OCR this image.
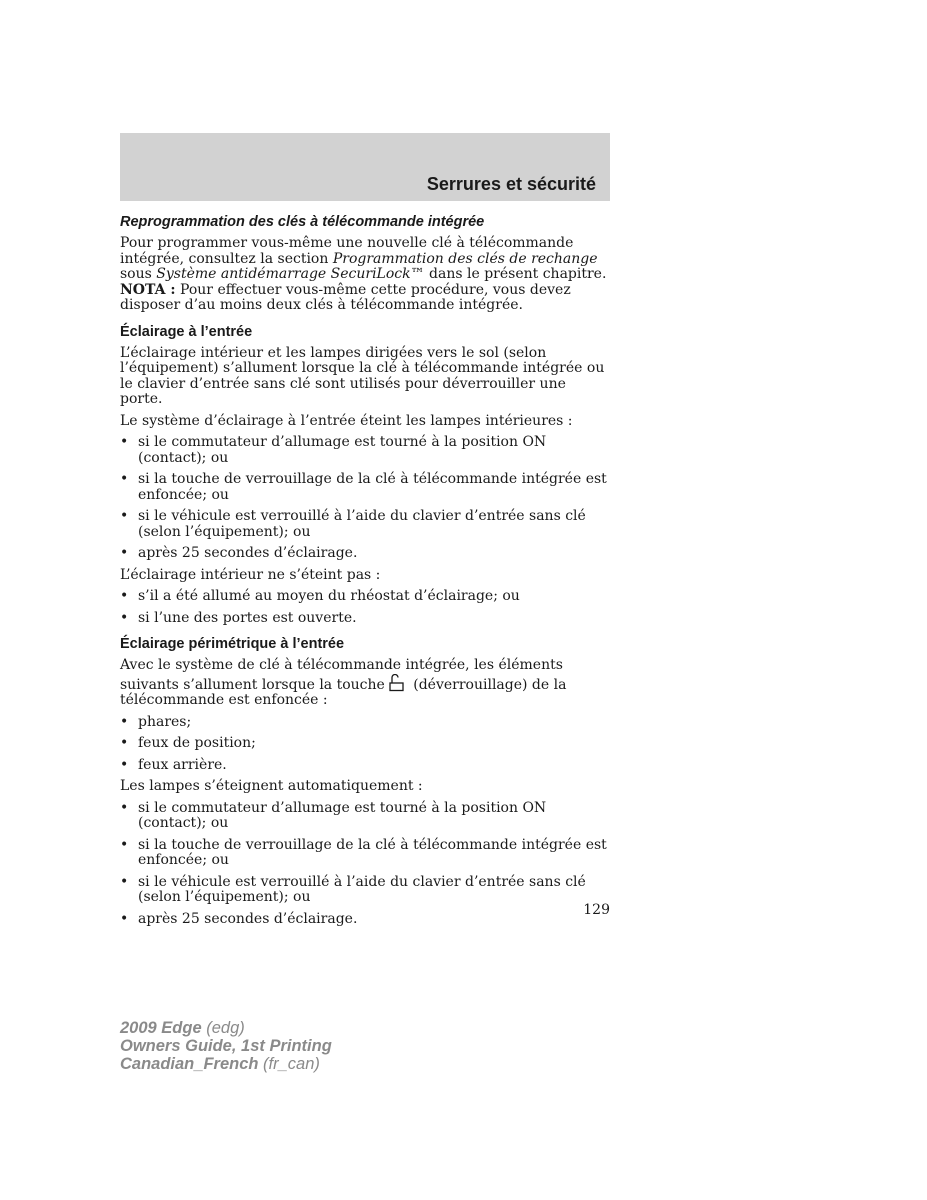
Serrures et sécurité
Reprogrammation des clés à télécommande intégrée

Pour programmer vous-même une nouvelle clé à télécommande intégrée, consultez la section Programmation des clés de rechange sous Système antidémarrage SecuriLock™ dans le présent chapitre. NOTA : Pour effectuer vous-même cette procédure, vous devez disposer d’au moins deux clés à télécommande intégrée.

Éclairage à l’entrée

L’éclairage intérieur et les lampes dirigées vers le sol (selon l’équipement) s’allument lorsque la clé à télécommande intégrée ou le clavier d’entrée sans clé sont utilisés pour déverrouiller une porte.

Le système d’éclairage à l’entrée éteint les lampes intérieures :

• si le commutateur d’allumage est tourné à la position ON (contact); ou
• si la touche de verrouillage de la clé à télécommande intégrée est enfoncée; ou
• si le véhicule est verrouillé à l’aide du clavier d’entrée sans clé (selon l’équipement); ou
• après 25 secondes d’éclairage.

L’éclairage intérieur ne s’éteint pas :

• s’il a été allumé au moyen du rhéostat d’éclairage; ou
• si l’une des portes est ouverte.
Éclairage périmétrique à l’entrée

Avec le système de clé à télécommande intégrée, les éléments suivants s’allument lorsque la touche (déverrouillage) de la télécommande est enfoncée :

• phares;
• feux de position;
• feux arrière.

Les lampes s’éteignent automatiquement :

• si le commutateur d’allumage est tourné à la position ON (contact); ou
• si la touche de verrouillage de la clé à télécommande intégrée est enfoncée; ou
• si le véhicule est verrouillé à l’aide du clavier d’entrée sans clé (selon l’équipement); ou
• après 25 secondes d’éclairage.
129
2009 Edge (edg)
Owners Guide, 1st Printing
Canadian_French (fr_can)
